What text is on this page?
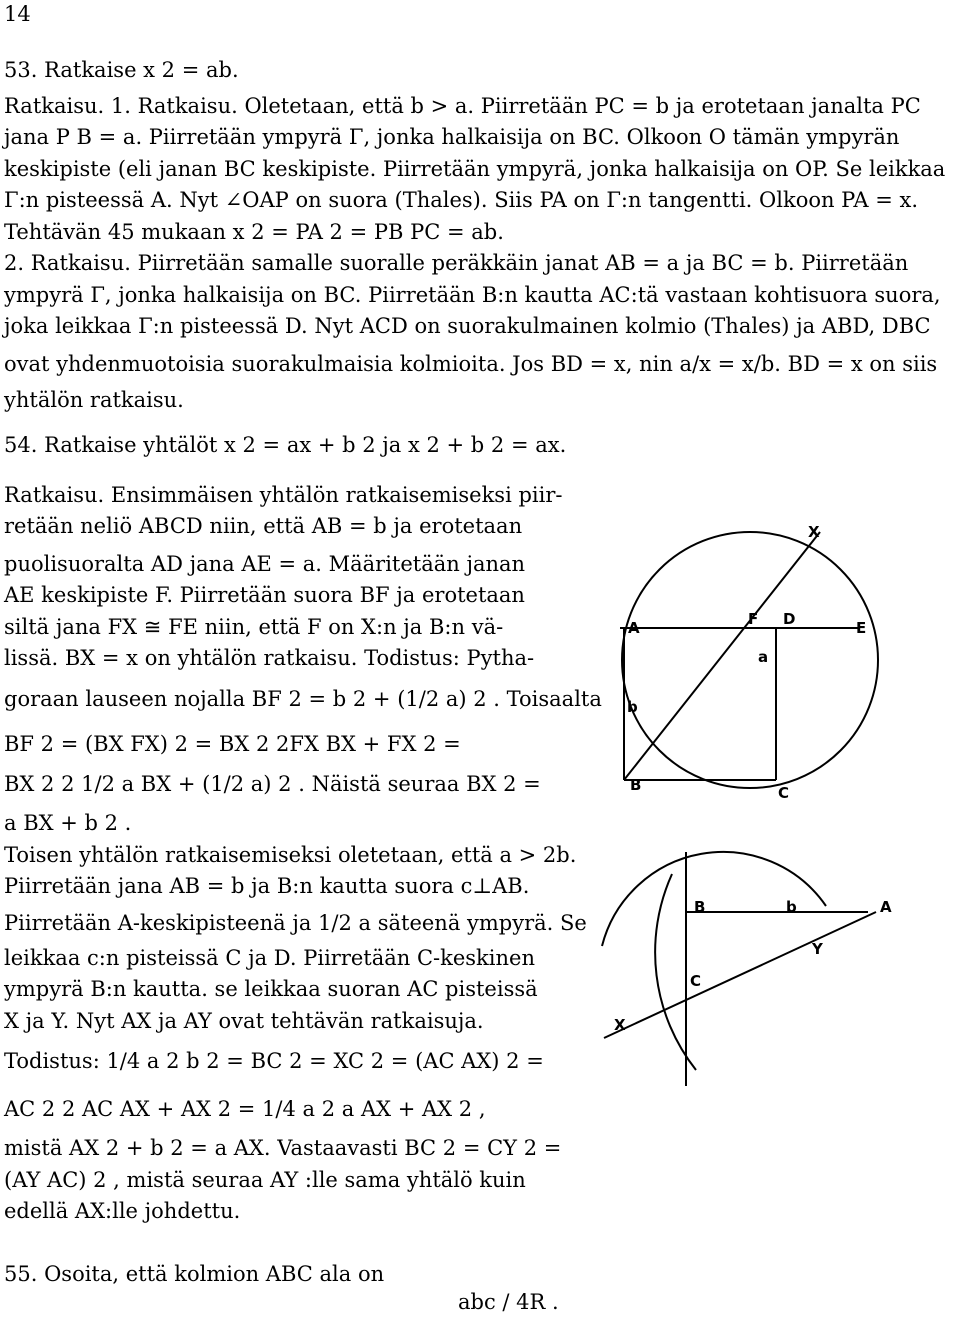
14
53. Ratkaise x 2 = ab.
Ratkaisu. 1. Ratkaisu. Oletetaan, että b > a. Piirretään PC = b ja erotetaan janalta PC
jana P B = a. Piirretään ympyrä Γ, jonka halkaisija on BC. Olkoon O tämän ympyrän
keskipiste (eli janan BC keskipiste. Piirretään ympyrä, jonka halkaisija on OP. Se leikkaa
Γ:n pisteessä A. Nyt ∠OAP on suora (Thales). Siis PA on Γ:n tangentti. Olkoon PA = x.
Tehtävän 45 mukaan x 2 = PA 2 = PB PC = ab.
2. Ratkaisu. Piirretään samalle suoralle peräkkäin janat AB = a ja BC = b. Piirretään
ympyrä Γ, jonka halkaisija on BC. Piirretään B:n kautta AC:tä vastaan kohtisuora suora,
joka leikkaa Γ:n pisteessä D. Nyt ACD on suorakulmainen kolmio (Thales) ja ABD, DBC
ovat yhdenmuotoisia suorakulmaisia kolmioita. Jos BD = x, nin a/x = x/b. BD = x on siis
yhtälön ratkaisu.
54. Ratkaise yhtälöt x 2 = ax + b 2 ja x 2 + b 2 = ax.
Ratkaisu. Ensimmäisen yhtälön ratkaisemiseksi piir-
retään neliö ABCD niin, että AB = b ja erotetaan
puolisuoralta AD jana AE = a. Määritetään janan
AE keskipiste F. Piirretään suora BF ja erotetaan
siltä jana FX ≅ FE niin, että F on X:n ja B:n vä-
lissä. BX = x on yhtälön ratkaisu. Todistus: Pytha-
goraan lauseen nojalla BF 2 = b 2 + (1/2 a) 2 . Toisaalta
BF 2 = (BX FX) 2 = BX 2 2FX BX + FX 2 =
BX 2 2 1/2 a BX + (1/2 a) 2 . Näistä seuraa BX 2 =
a BX + b 2 .
Toisen yhtälön ratkaisemiseksi oletetaan, että a > 2b.
Piirretään jana AB = b ja B:n kautta suora c⊥AB.
Piirretään A-keskipisteenä ja 1/2 a säteenä ympyrä. Se
leikkaa c:n pisteissä C ja D. Piirretään C-keskinen
ympyrä B:n kautta. se leikkaa suoran AC pisteissä
X ja Y. Nyt AX ja AY ovat tehtävän ratkaisuja.
Todistus: 1/4 a 2 b 2 = BC 2 = XC 2 = (AC AX) 2 =
AC 2 2 AC AX + AX 2 = 1/4 a 2 a AX + AX 2 ,
mistä AX 2 + b 2 = a AX. Vastaavasti BC 2 = CY 2 =
(AY AC) 2 , mistä seuraa AY :lle sama yhtälö kuin
edellä AX:lle johdettu.
55. Osoita, että kolmion ABC ala on
abc / 4R .
A	F D	E
a
b
B	C
X
B	b	A
Y
C
X
